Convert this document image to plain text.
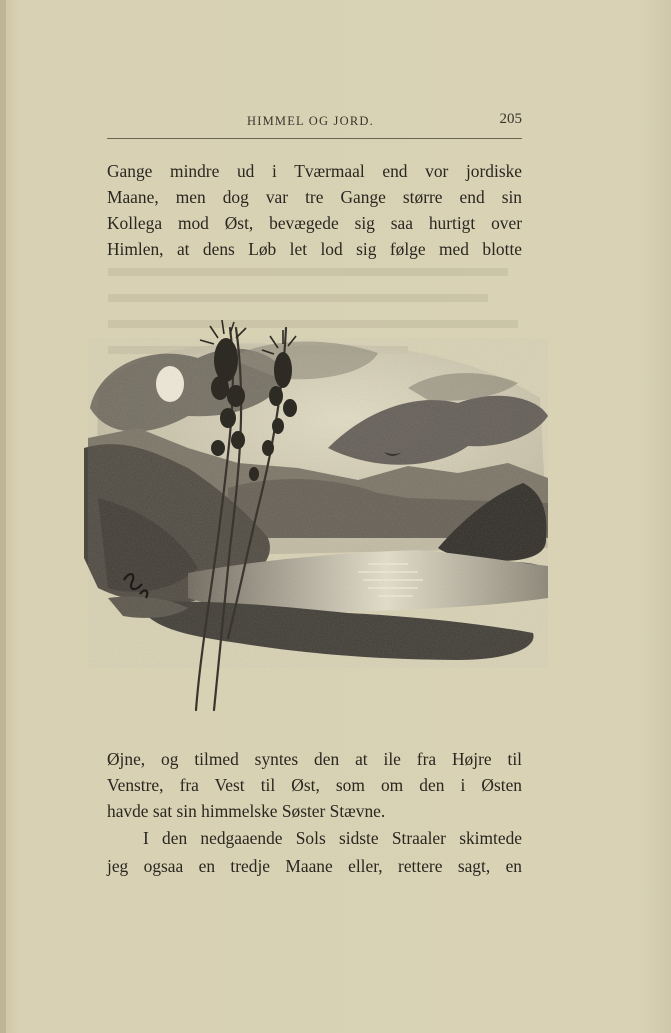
HIMMEL OG JORD.	205
Gange mindre ud i Tværmaal end vor jordiske
Maane, men dog var tre Gange større end sin
Kollega mod Øst, bevægede sig saa hurtigt over
Himlen, at dens Løb let lod sig følge med blotte
Øjne, og tilmed syntes den at ile fra Højre til
Venstre, fra Vest til Øst, som om den i Østen
havde sat sin himmelske Søster Stævne.
I den nedgaaende Sols sidste Straaler skimtede
jeg ogsaa en tredje Maane eller, rettere sagt, en
